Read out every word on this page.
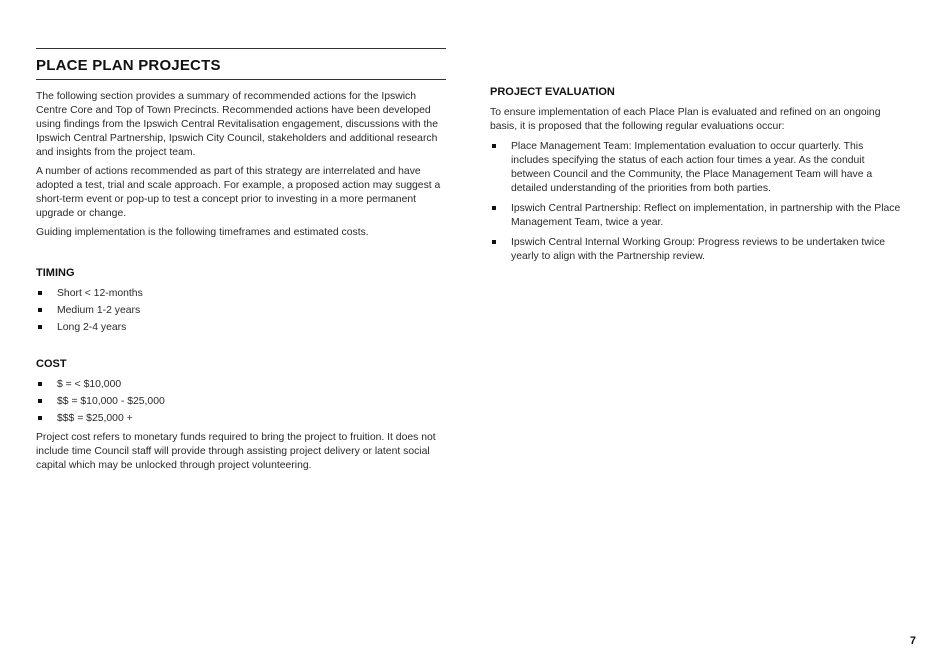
PLACE PLAN PROJECTS

The following section provides a summary of recommended actions for the Ipswich Centre Core and Top of Town Precincts. Recommended actions have been developed using findings from the Ipswich Central Revitalisation engagement, discussions with the Ipswich Central Partnership, Ipswich City Council, stakeholders and additional research and insights from the project team.

A number of actions recommended as part of this strategy are interrelated and have adopted a test, trial and scale approach. For example, a proposed action may suggest a short-term event or pop-up to test a concept prior to investing in a more permanent upgrade or change.

Guiding implementation is the following timeframes and estimated costs.

TIMING
Short < 12-months
Medium 1-2 years
Long 2-4 years
COST
$ = < $10,000
$$ = $10,000 - $25,000
$$$ = $25,000 +

Project cost refers to monetary funds required to bring the project to fruition. It does not include time Council staff will provide through assisting project delivery or latent social capital which may be unlocked through project volunteering.

PROJECT EVALUATION

To ensure implementation of each Place Plan is evaluated and refined on an ongoing basis, it is proposed that the following regular evaluations occur:

Place Management Team: Implementation evaluation to occur quarterly. This includes specifying the status of each action four times a year. As the conduit between Council and the Community, the Place Management Team will have a detailed understanding of the priorities from both parties.
Ipswich Central Partnership: Reflect on implementation, in partnership with the Place Management Team, twice a year.
Ipswich Central Internal Working Group: Progress reviews to be undertaken twice yearly to align with the Partnership review.
7
